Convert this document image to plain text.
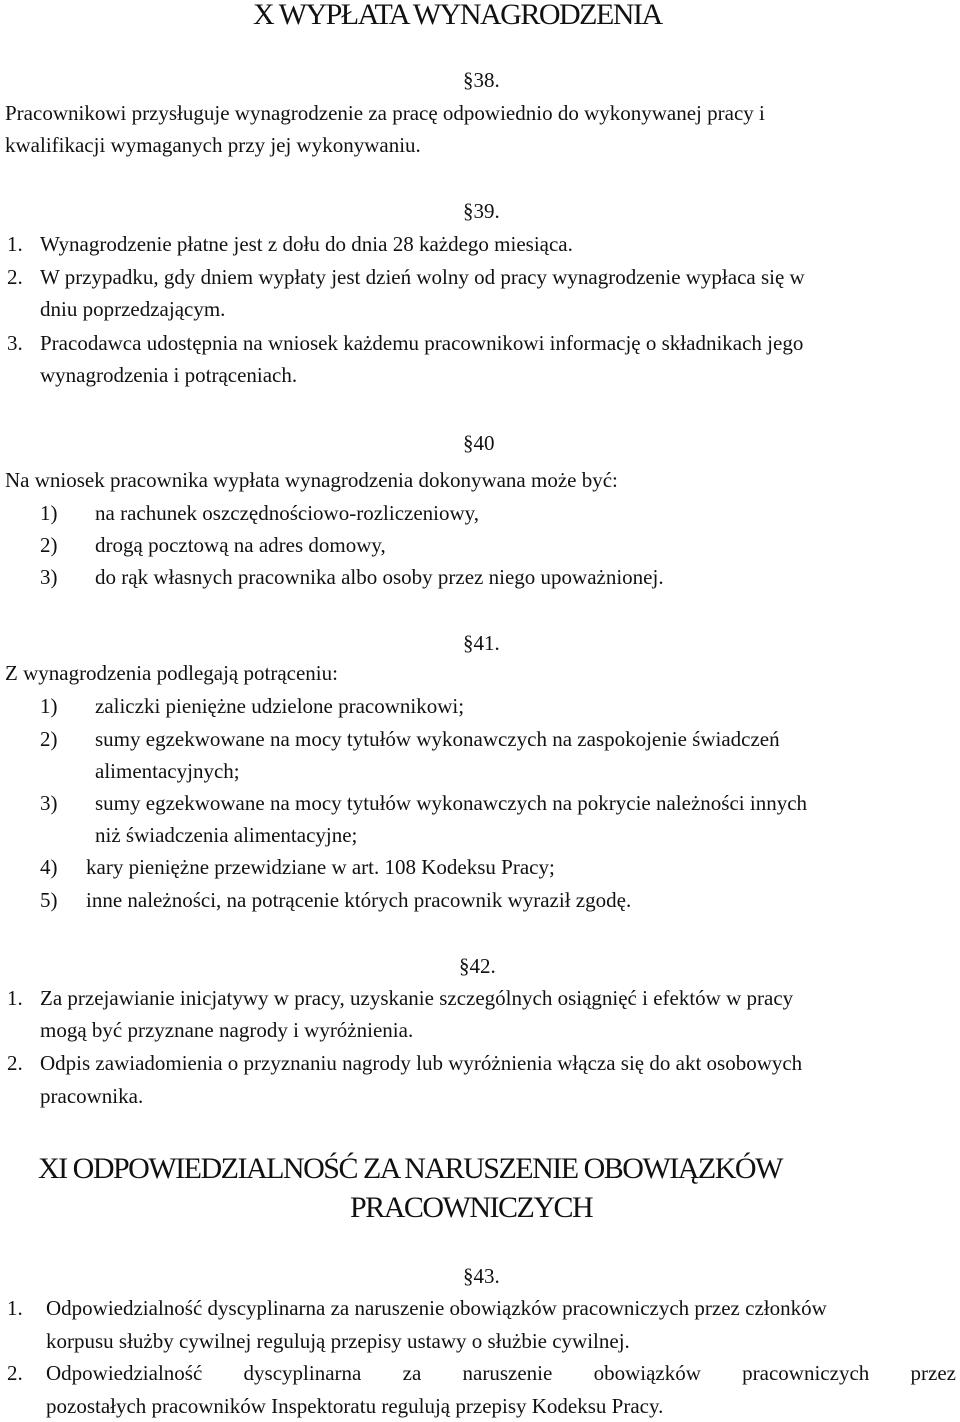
X WYPŁATA WYNAGRODZENIA
§38.
Pracownikowi przysługuje wynagrodzenie za pracę odpowiednio do wykonywanej pracy i
kwalifikacji wymaganych przy jej wykonywaniu.
§39.
1. Wynagrodzenie płatne jest z dołu do dnia 28 każdego miesiąca.
2. W przypadku, gdy dniem wypłaty jest dzień wolny od pracy wynagrodzenie wypłaca się w
dniu poprzedzającym.
3. Pracodawca udostępnia na wniosek każdemu pracownikowi informację o składnikach jego
wynagrodzenia i potrąceniach.
§40
Na wniosek pracownika wypłata wynagrodzenia dokonywana może być:
1) na rachunek oszczędnościowo-rozliczeniowy,
2) drogą pocztową na adres domowy,
3) do rąk własnych pracownika albo osoby przez niego upoważnionej.
§41.
Z wynagrodzenia podlegają potrąceniu:
1) zaliczki pieniężne udzielone pracownikowi;
2) sumy egzekwowane na mocy tytułów wykonawczych na zaspokojenie świadczeń
alimentacyjnych;
3) sumy egzekwowane na mocy tytułów wykonawczych na pokrycie należności innych
niż świadczenia alimentacyjne;
4) kary pieniężne przewidziane w art. 108 Kodeksu Pracy;
5) inne należności, na potrącenie których pracownik wyraził zgodę.
§42.
1. Za przejawianie inicjatywy w pracy, uzyskanie szczególnych osiągnięć i efektów w pracy
mogą być przyznane nagrody i wyróżnienia.
2. Odpis zawiadomienia o przyznaniu nagrody lub wyróżnienia włącza się do akt osobowych
pracownika.
XI ODPOWIEDZIALNOŚĆ ZA NARUSZENIE OBOWIĄZKÓW
PRACOWNICZYCH
§43.
1. Odpowiedzialność dyscyplinarna za naruszenie obowiązków pracowniczych przez członków
korpusu służby cywilnej regulują przepisy ustawy o służbie cywilnej.
2. Odpowiedzialność dyscyplinarna za naruszenie obowiązków pracowniczych przez
pozostałych pracowników Inspektoratu regulują przepisy Kodeksu Pracy.
